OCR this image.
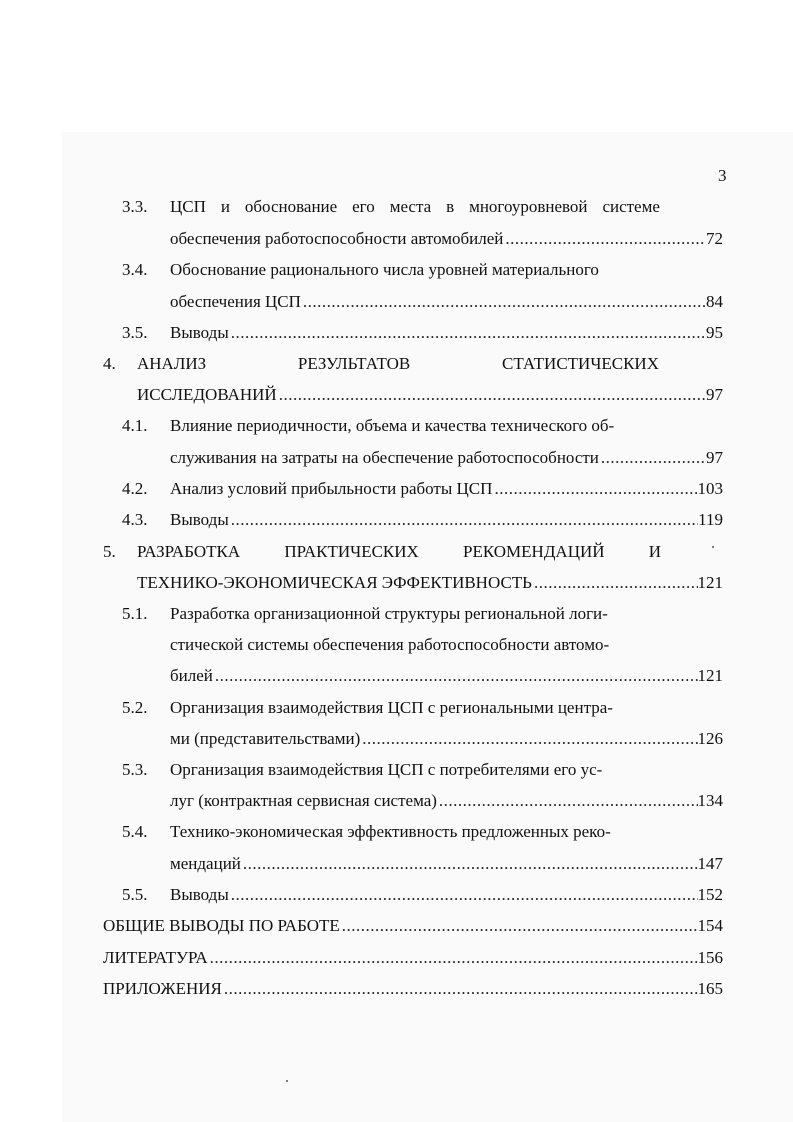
3
3.3. ЦСП и обоснование его места в многоуровневой системе
обеспечения работоспособности автомобилей .....	72
3.4. Обоснование рационального числа уровней материального
обеспечения ЦСП .....	84
3.5. Выводы .....	95
4. АНАЛИЗ	РЕЗУЛЬТАТОВ	СТАТИСТИЧЕСКИХ
ИССЛЕДОВАНИЙ .....	97
4.1. Влияние периодичности, объема и качества технического об-
служивания на затраты на обеспечение работоспособности .....	97
4.2. Анализ условий прибыльности работы ЦСП .....	103
4.3. Выводы .....	119
5. РАЗРАБОТКА	ПРАКТИЧЕСКИХ	РЕКОМЕНДАЦИЙ	И
ТЕХНИКО-ЭКОНОМИЧЕСКАЯ ЭФФЕКТИВНОСТЬ .....	121
5.1. Разработка организационной структуры региональной логи-
стической системы обеспечения работоспособности автомо-
билей .....	121
5.2. Организация взаимодействия ЦСП с региональными центра-
ми (представительствами) .....	126
5.3. Организация взаимодействия ЦСП с потребителями его ус-
луг (контрактная сервисная система) .....	134
5.4. Технико-экономическая эффективность предложенных реко-
мендаций .....	147
5.5. Выводы .....	152
ОБЩИЕ ВЫВОДЫ ПО РАБОТЕ .....	154
ЛИТЕРАТУРА .....	156
ПРИЛОЖЕНИЯ .....	165
